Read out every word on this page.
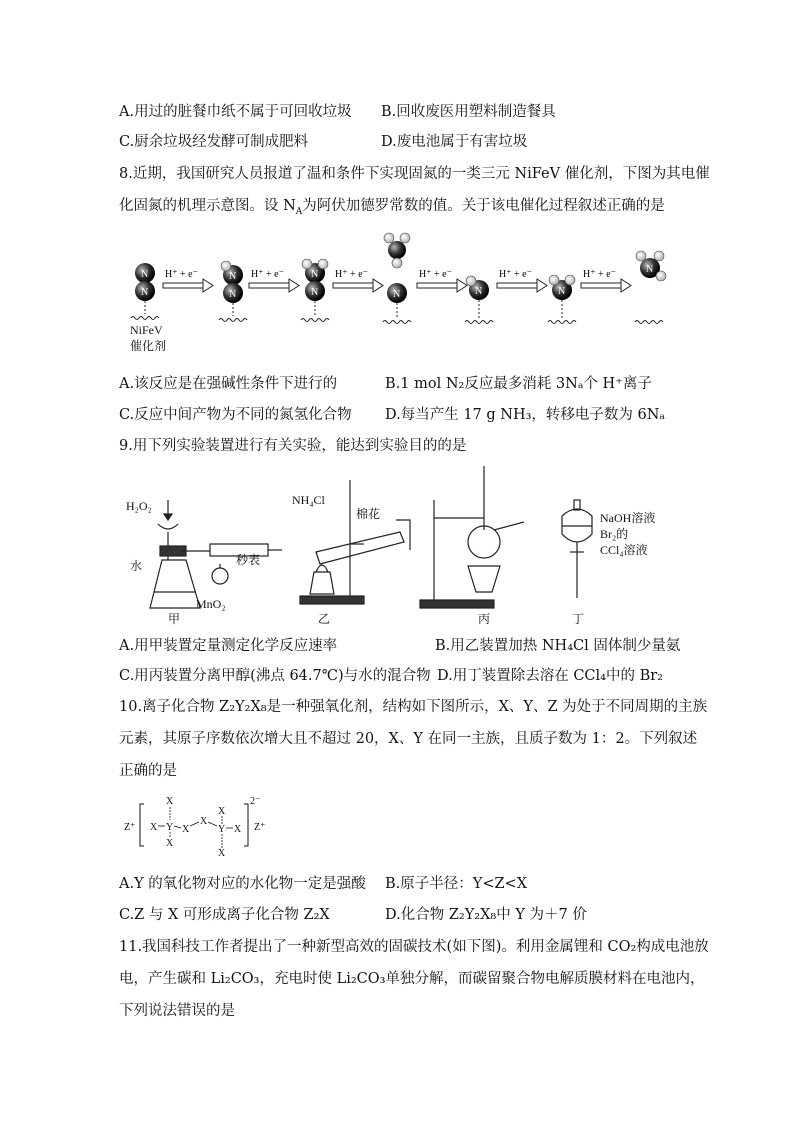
A.用过的脏餐巾纸不属于可回收垃圾 B.回收废医用塑料制造餐具
C.厨余垃圾经发酵可制成肥料	D.废电池属于有害垃圾
8.近期，我国研究人员报道了温和条件下实现固氮的一类三元 NiFeV 催化剂，下图为其电催
化固氮的机理示意图。设 $N_A$为阿伏加德罗常数的值。关于该电催化过程叙述正确的是
N
N
NiFeV
催化剂
H⁺ + e⁻	N
N
H⁺ + e⁻	N
N
H⁺ + e⁻
N
H⁺ + e⁻
N
H⁺ + e⁻
N
H⁺ + e⁻	N
A.该反应是在强碱性条件下进行的	B.1 mol N₂反应最多消耗 3Nₐ个 H⁺离子
C.反应中间产物为不同的氮氢化合物 D.每当产生 17 g NH₃，转移电子数为 6Nₐ
9.用下列实验装置进行有关实验，能达到实验目的的是
H₂O₂
水	秒表
MnO₂
甲
NH₄Cl
棉花
乙	丙
NaOH溶液
Br₂的
CCl₄溶液
丁
A.用甲装置定量测定化学反应速率	B.用乙装置加热 NH₄Cl 固体制少量氨
C.用丙装置分离甲醇(沸点 64.7℃)与水的混合物 D.用丁装置除去溶在 CCl₄中的 Br₂
10.离子化合物 Z₂Y₂X₈是一种强氧化剂，结构如下图所示，X、Y、Z 为处于不同周期的主族
元素，其原子序数依次增大且不超过 20，X、Y 在同一主族，且质子数为 1：2。下列叙述
正确的是
Z⁺ X Y
X
X
X
X
Y
X
X
X
2⁻
Z⁺
A.Y 的氧化物对应的水化物一定是强酸 B.原子半径：Y<Z<X
C.Z 与 X 可形成离子化合物 Z₂X	D.化合物 Z₂Y₂X₈中 Y 为＋7 价
11.我国科技工作者提出了一种新型高效的固碳技术(如下图)。利用金属锂和 CO₂构成电池放
电，产生碳和 Li₂CO₃，充电时使 Li₂CO₃单独分解，而碳留聚合物电解质膜材料在电池内，
下列说法错误的是
